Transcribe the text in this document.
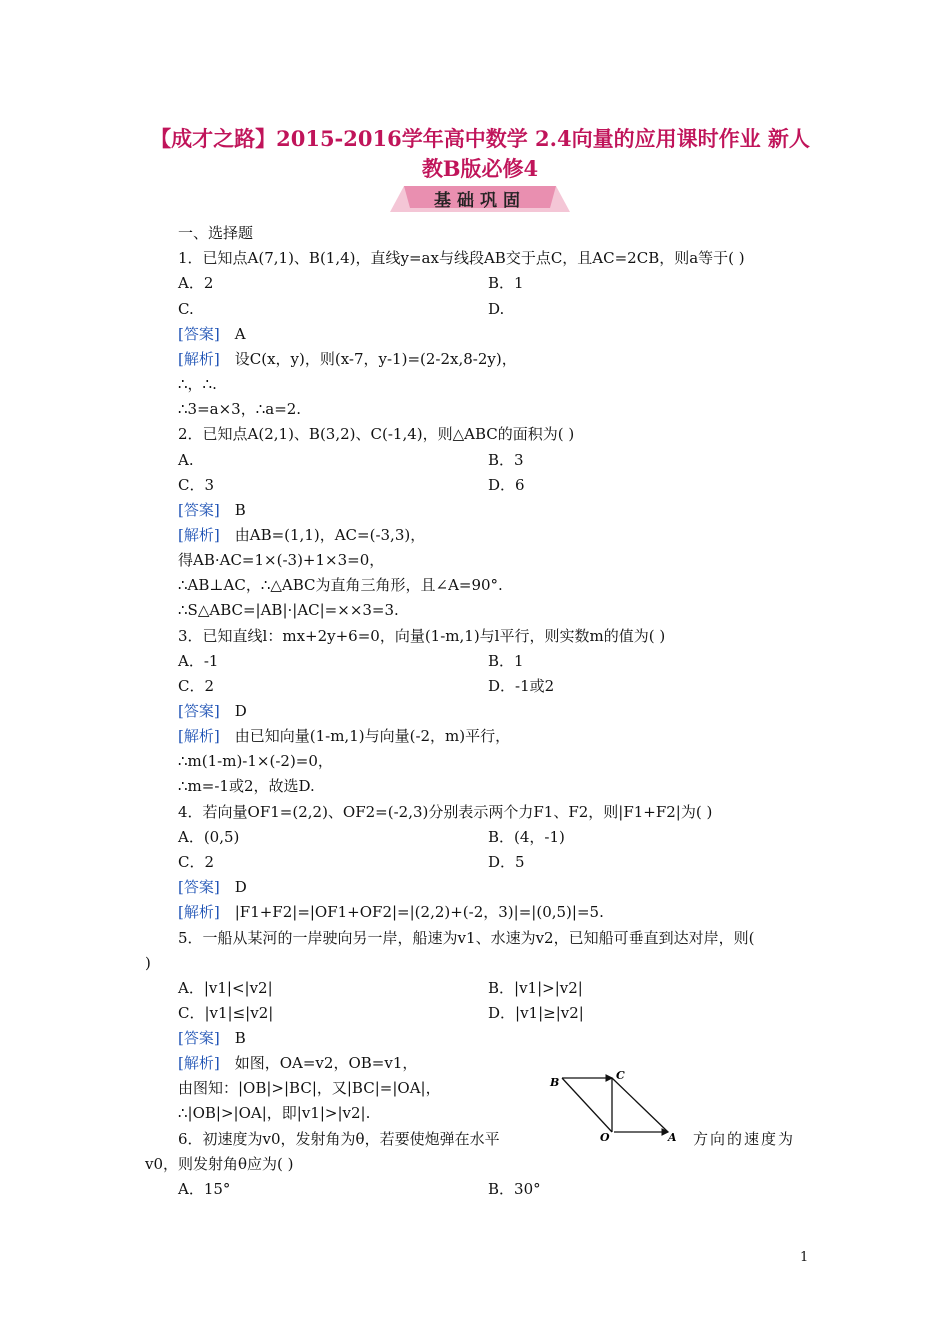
【成才之路】2015-2016学年高中数学 2.4向量的应用课时作业 新人
教B版必修4
基础巩固
一、选择题
1．已知点A(7,1)、B(1,4)，直线y=ax与线段AB交于点C，且AC=2CB，则a等于( )
A．2	B．1
C.	D.
[答案]　 A
[解析]　 设C(x，y)，则(x-7，y-1)=(2-2x,8-2y)，
∴，∴.
∴3=a×3，∴a=2.
2．已知点A(2,1)、B(3,2)、C(-1,4)，则△ABC的面积为( )
A.	B．3
C．3	D．6
[答案]　 B
[解析]　 由AB=(1,1)，AC=(-3,3)，
得AB·AC=1×(-3)+1×3=0，
∴AB⊥AC，∴△ABC为直角三角形，且∠A=90°.
∴S△ABC=|AB|·|AC|=××3=3.
3．已知直线l：mx+2y+6=0，向量(1-m,1)与l平行，则实数m的值为( )
A．-1	B．1
C．2	D．-1或2
[答案]　 D
[解析]　 由已知向量(1-m,1)与向量(-2，m)平行，
∴m(1-m)-1×(-2)=0，
∴m=-1或2，故选D.
4．若向量OF1=(2,2)、OF2=(-2,3)分别表示两个力F1、F2，则|F1+F2|为( )
A．(0,5)	B．(4，-1)
C．2	D．5
[答案]　 D
[解析]　 |F1+F2|=|OF1+OF2|=|(2,2)+(-2，3)|=|(0,5)|=5.
5．一船从某河的一岸驶向另一岸，船速为v1、水速为v2，已知船可垂直到达对岸，则(
)
A．|v1|<|v2|	B．|v1|>|v2|
C．|v1|≤|v2|	D．|v1|≥|v2|
[答案]　 B
[解析]　 如图，OA=v2，OB=v1，
由图知：|OB|>|BC|，又|BC|=|OA|，
∴|OB|>|OA|，即|v1|>|v2|.
B
C
O	A
6．初速度为v0，发射角为θ，若要使炮弹在水平	方向的速度为
v0，则发射角θ应为( )
A．15°	B．30°
1
